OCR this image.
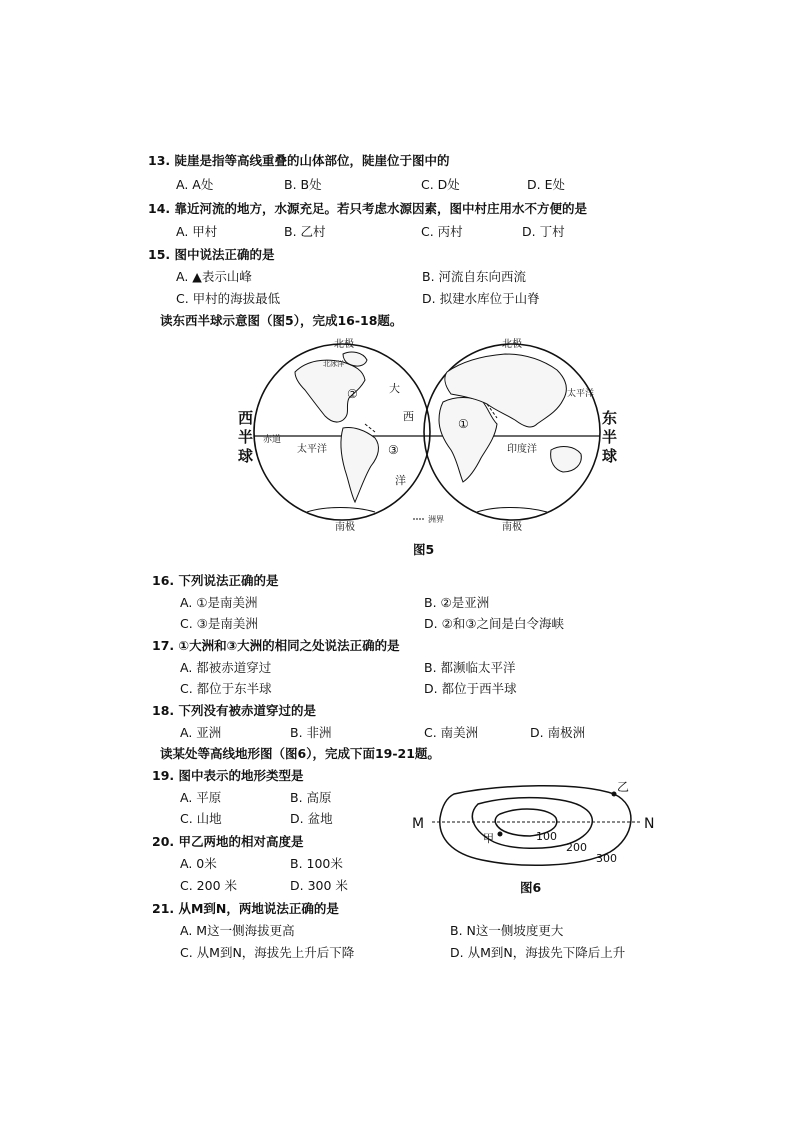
13. 陡崖是指等高线重叠的山体部位，陡崖位于图中的
A. A处	B. B处	C. D处	D. E处
14. 靠近河流的地方，水源充足。若只考虑水源因素，图中村庄用水不方便的是
A. 甲村	B. 乙村	C. 丙村	D. 丁村
15. 图中说法正确的是
A. ▲表示山峰	B. 河流自东向西流
C. 甲村的海拔最低	D. 拟建水库位于山脊
读东西半球示意图（图5），完成16-18题。
北极	北极
南极	南极
②
③
①
大
西
洋
太平洋
赤道
印度洋
太平洋
北冰洋
洲界
西
半
球
东
半
球
图5
16. 下列说法正确的是
A. ①是南美洲	B. ②是亚洲
C. ③是南美洲	D. ②和③之间是白令海峡
17. ①大洲和③大洲的相同之处说法正确的是
A. 都被赤道穿过	B. 都濒临太平洋
C. 都位于东半球	D. 都位于西半球
18. 下列没有被赤道穿过的是
A. 亚洲	B. 非洲	C. 南美洲	D. 南极洲
读某处等高线地形图（图6），完成下面19-21题。
19. 图中表示的地形类型是
A. 平原	B. 高原
C. 山地	D. 盆地
20. 甲乙两地的相对高度是
A. 0米	B. 100米
C. 200 米	D. 300 米
M	N
乙
甲	100
200
300
图6
21. 从M到N，两地说法正确的是
A. M这一侧海拔更高	B. N这一侧坡度更大
C. 从M到N，海拔先上升后下降	D. 从M到N，海拔先下降后上升
